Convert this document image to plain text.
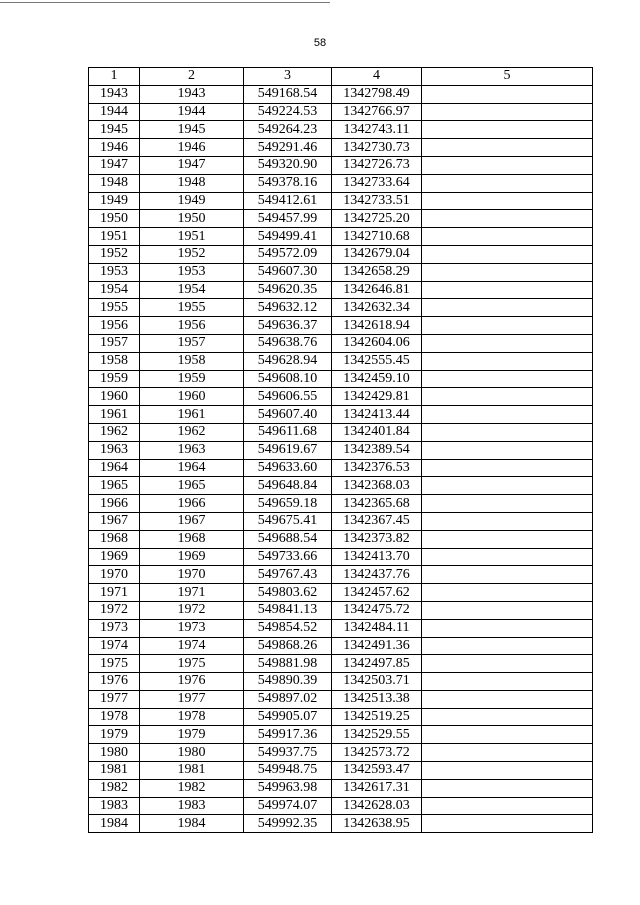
58
1	2	3	4	5
1943	1943	549168.54	1342798.49	
1944	1944	549224.53	1342766.97	
1945	1945	549264.23	1342743.11	
1946	1946	549291.46	1342730.73	
1947	1947	549320.90	1342726.73	
1948	1948	549378.16	1342733.64	
1949	1949	549412.61	1342733.51	
1950	1950	549457.99	1342725.20	
1951	1951	549499.41	1342710.68	
1952	1952	549572.09	1342679.04	
1953	1953	549607.30	1342658.29	
1954	1954	549620.35	1342646.81	
1955	1955	549632.12	1342632.34	
1956	1956	549636.37	1342618.94	
1957	1957	549638.76	1342604.06	
1958	1958	549628.94	1342555.45	
1959	1959	549608.10	1342459.10	
1960	1960	549606.55	1342429.81	
1961	1961	549607.40	1342413.44	
1962	1962	549611.68	1342401.84	
1963	1963	549619.67	1342389.54	
1964	1964	549633.60	1342376.53	
1965	1965	549648.84	1342368.03	
1966	1966	549659.18	1342365.68	
1967	1967	549675.41	1342367.45	
1968	1968	549688.54	1342373.82	
1969	1969	549733.66	1342413.70	
1970	1970	549767.43	1342437.76	
1971	1971	549803.62	1342457.62	
1972	1972	549841.13	1342475.72	
1973	1973	549854.52	1342484.11	
1974	1974	549868.26	1342491.36	
1975	1975	549881.98	1342497.85	
1976	1976	549890.39	1342503.71	
1977	1977	549897.02	1342513.38	
1978	1978	549905.07	1342519.25	
1979	1979	549917.36	1342529.55	
1980	1980	549937.75	1342573.72	
1981	1981	549948.75	1342593.47	
1982	1982	549963.98	1342617.31	
1983	1983	549974.07	1342628.03	
1984	1984	549992.35	1342638.95	
